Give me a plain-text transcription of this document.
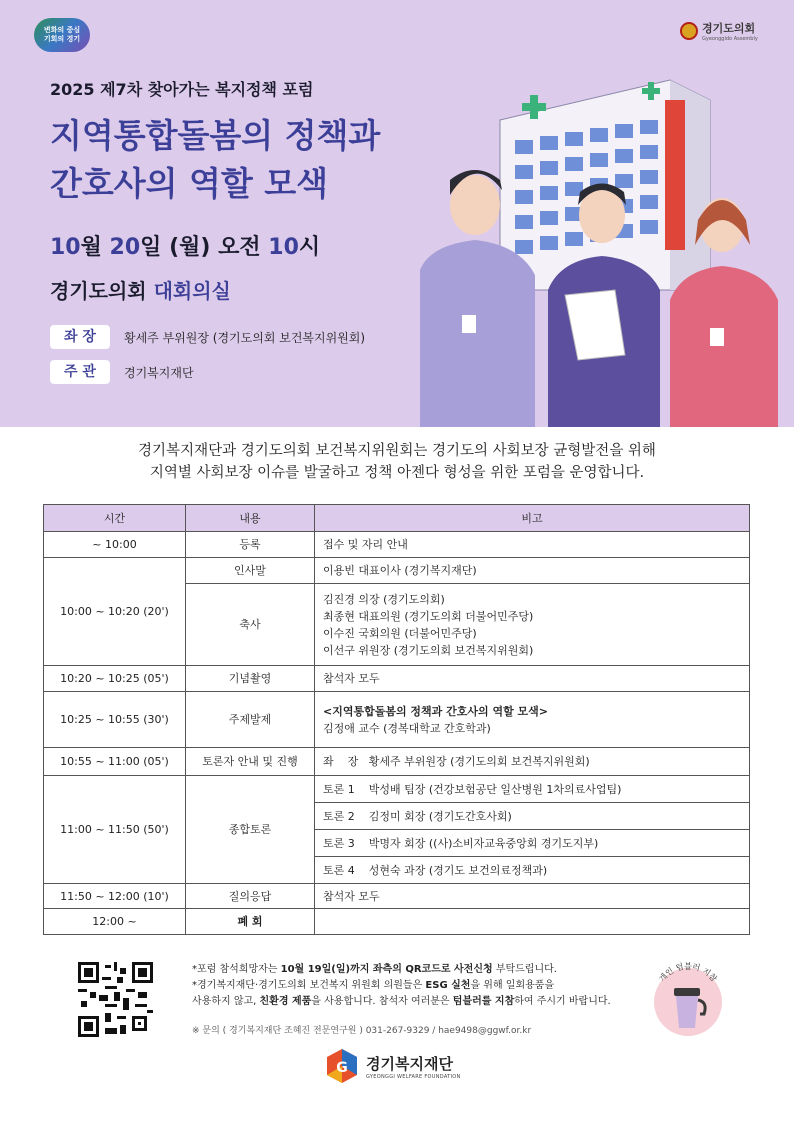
변화의 중심
기회의 경기
경기도의회
Gyeonggido Assembly
2025 제7차 찾아가는 복지정책 포럼
지역통합돌봄의 정책과
간호사의 역할 모색
10월 20일 (월) 오전 10시
경기도의회 대회의실
좌 장	황세주 부위원장 (경기도의회 보건복지위원회)
주 관	경기복지재단
경기복지재단과 경기도의회 보건복지위원회는 경기도의 사회보장 균형발전을 위해
지역별 사회보장 이슈를 발굴하고 정책 아젠다 형성을 위한 포럼을 운영합니다.
시간	내용	비고
~ 10:00	등록	접수 및 자리 안내
10:00 ~ 10:20 (20')	인사말	이용빈 대표이사 (경기복지재단)
	축사	김진경 의장 (경기도의회)
최종현 대표의원 (경기도의회 더불어민주당)
이수진 국회의원 (더불어민주당)
이선구 위원장 (경기도의회 보건복지위원회)

10:20 ~ 10:25 (05')	기념촬영	참석자 모두
10:25 ~ 10:55 (30')	주제발제	<지역통합돌봄의 정책과 간호사의 역할 모색>
김정애 교수 (경복대학교 간호학과)

10:55 ~ 11:00 (05')	토론자 안내 및 진행	좌    장   황세주 부위원장 (경기도의회 보건복지위원회)
11:00 ~ 11:50 (50')	종합토론	토론 1    박성배 팀장 (건강보험공단 일산병원 1차의료사업팀)
		토론 2    김정미 회장 (경기도간호사회)
		토론 3    박명자 회장 ((사)소비자교육중앙회 경기도지부)
		토론 4    성현숙 과장 (경기도 보건의료정책과)
11:50 ~ 12:00 (10')	질의응답	참석자 모두
12:00 ~	폐 회	
*포럼 참석희망자는 10월 19일(일)까지 좌측의 QR코드로 사전신청 부탁드립니다.
*경기복지재단·경기도의회 보건복지 위원회 의원들은 ESG 실천을 위해 일회용품을
사용하지 않고, 친환경 제품을 사용합니다. 참석자 여러분은 텀블러를 지참하여 주시기 바랍니다.
※ 문의 ( 경기복지재단 조혜진 전문연구원 ) 031-267-9329 / hae9498@ggwf.or.kr
개인 텀블러 지참
G 경기복지재단
GYEONGGI WELFARE FOUNDATION
